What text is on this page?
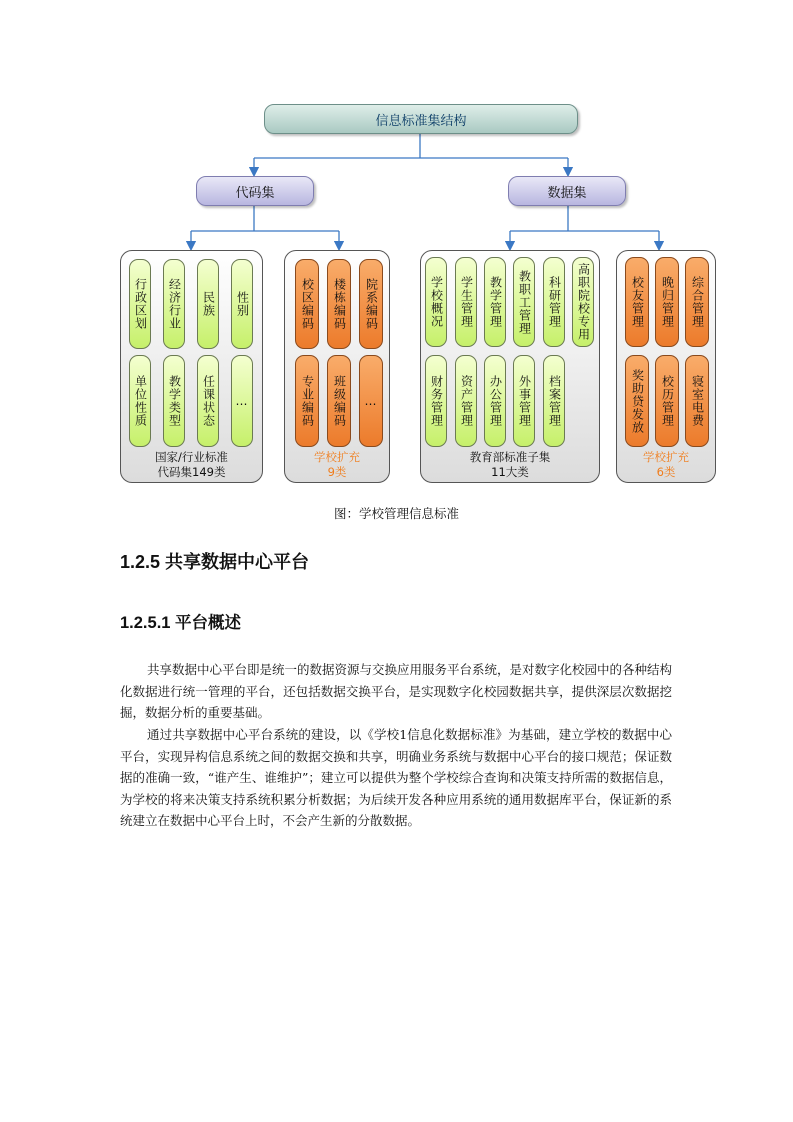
信息标准集结构
代码集	数据集
行政区划	经济行业	民族	性别
单位性质	教学类型	任课状态	…
国家/行业标准
代码集149类
校区编码	楼栋编码	院系编码
专业编码	班级编码	…
学校扩充
9类
学校概况	学生管理	教学管理	教职工管理	科研管理	高职院校专用
财务管理	资产管理	办公管理	外事管理	档案管理
教育部标准子集
11大类
校友管理	晚归管理	综合管理
奖助贷发放	校历管理	寝室电费
学校扩充
6类
图：学校管理信息标准
1.2.5 共享数据中心平台
1.2.5.1 平台概述

共享数据中心平台即是统一的数据资源与交换应用服务平台系统，是对数字化校园中的各种结构化数据进行统一管理的平台，还包括数据交换平台，是实现数字化校园数据共享，提供深层次数据挖掘，数据分析的重要基础。

通过共享数据中心平台系统的建设，以《学校1信息化数据标准》为基础，建立学校的数据中心平台，实现异构信息系统之间的数据交换和共享，明确业务系统与数据中心平台的接口规范；保证数据的准确一致，“谁产生、谁维护”；建立可以提供为整个学校综合查询和决策支持所需的数据信息，为学校的将来决策支持系统积累分析数据；为后续开发各种应用系统的通用数据库平台，保证新的系统建立在数据中心平台上时，不会产生新的分散数据。
